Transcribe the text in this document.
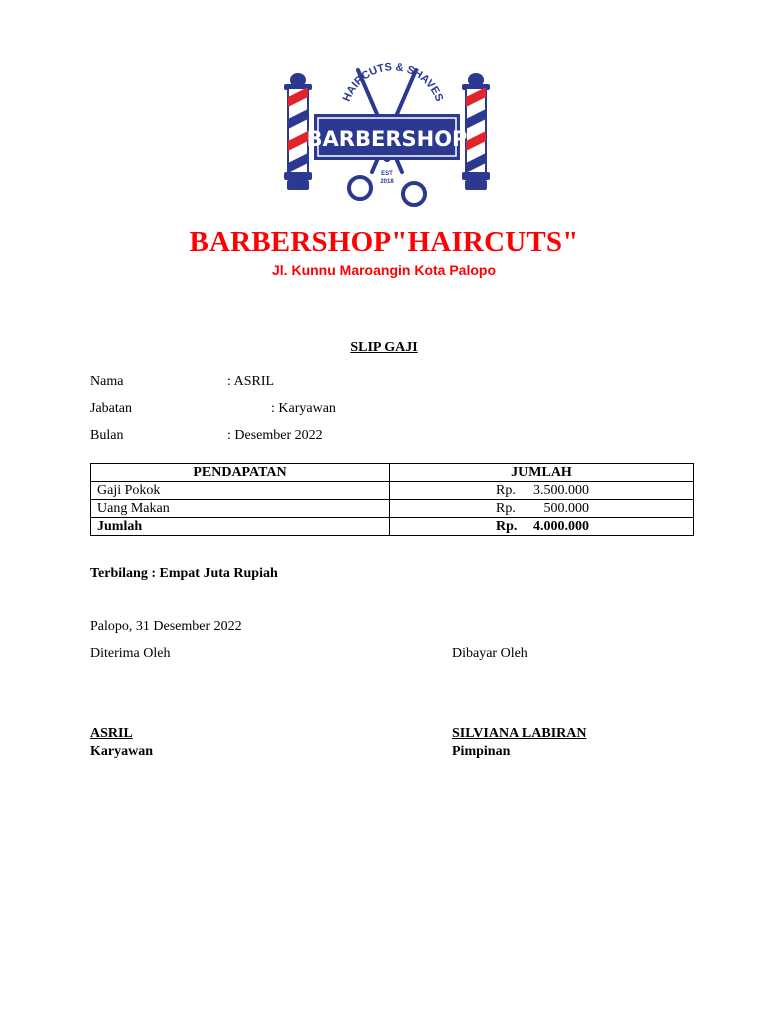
HAIRCUTS & SHAVES
BARBERSHOP
EST
2018
BARBERSHOP"HAIRCUTS"
Jl. Kunnu Maroangin Kota Palopo
SLIP GAJI
Nama	: ASRIL
Jabatan	: Karyawan
Bulan	: Desember 2022
PENDAPATAN	JUMLAH
Gaji Pokok	Rp. 3.500.000
Uang Makan	Rp. 500.000
Jumlah	Rp. 4.000.000
Terbilang : Empat Juta Rupiah
Palopo, 31 Desember 2022
Diterima Oleh	Dibayar Oleh
ASRIL	SILVIANA LABIRAN
Karyawan	Pimpinan
